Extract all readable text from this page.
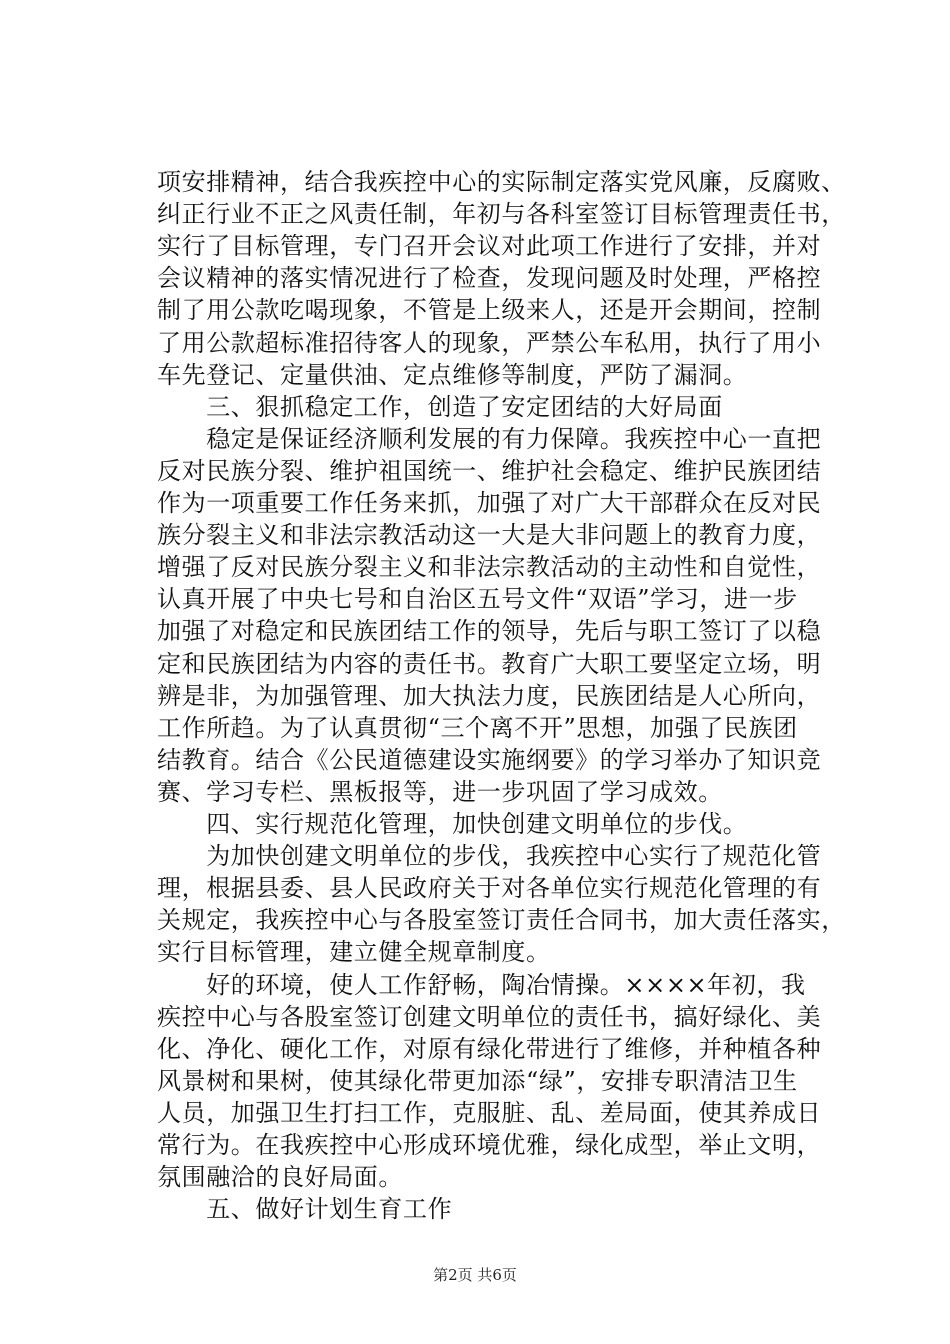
项安排精神，结合我疾控中心的实际制定落实党风廉，反腐败、
纠正行业不正之风责任制，年初与各科室签订目标管理责任书，
实行了目标管理，专门召开会议对此项工作进行了安排，并对
会议精神的落实情况进行了检查，发现问题及时处理，严格控
制了用公款吃喝现象，不管是上级来人，还是开会期间，控制
了用公款超标准招待客人的现象，严禁公车私用，执行了用小
车先登记、定量供油、定点维修等制度，严防了漏洞。
　　三、狠抓稳定工作，创造了安定团结的大好局面
　　稳定是保证经济顺利发展的有力保障。我疾控中心一直把
反对民族分裂、维护祖国统一、维护社会稳定、维护民族团结
作为一项重要工作任务来抓，加强了对广大干部群众在反对民
族分裂主义和非法宗教活动这一大是大非问题上的教育力度，
增强了反对民族分裂主义和非法宗教活动的主动性和自觉性，
认真开展了中央七号和自治区五号文件“双语”学习，进一步
加强了对稳定和民族团结工作的领导，先后与职工签订了以稳
定和民族团结为内容的责任书。教育广大职工要坚定立场，明
辨是非，为加强管理、加大执法力度，民族团结是人心所向，
工作所趋。为了认真贯彻“三个离不开”思想，加强了民族团
结教育。结合《公民道德建设实施纲要》的学习举办了知识竞
赛、学习专栏、黑板报等，进一步巩固了学习成效。
　　四、实行规范化管理，加快创建文明单位的步伐。
　　为加快创建文明单位的步伐，我疾控中心实行了规范化管
理，根据县委、县人民政府关于对各单位实行规范化管理的有
关规定，我疾控中心与各股室签订责任合同书，加大责任落实，
实行目标管理，建立健全规章制度。
　　好的环境，使人工作舒畅，陶冶情操。××××年初，我
疾控中心与各股室签订创建文明单位的责任书，搞好绿化、美
化、净化、硬化工作，对原有绿化带进行了维修，并种植各种
风景树和果树，使其绿化带更加添“绿”，安排专职清洁卫生
人员，加强卫生打扫工作，克服脏、乱、差局面，使其养成日
常行为。在我疾控中心形成环境优雅，绿化成型，举止文明，
氛围融洽的良好局面。
　　五、做好计划生育工作
第2页 共6页
